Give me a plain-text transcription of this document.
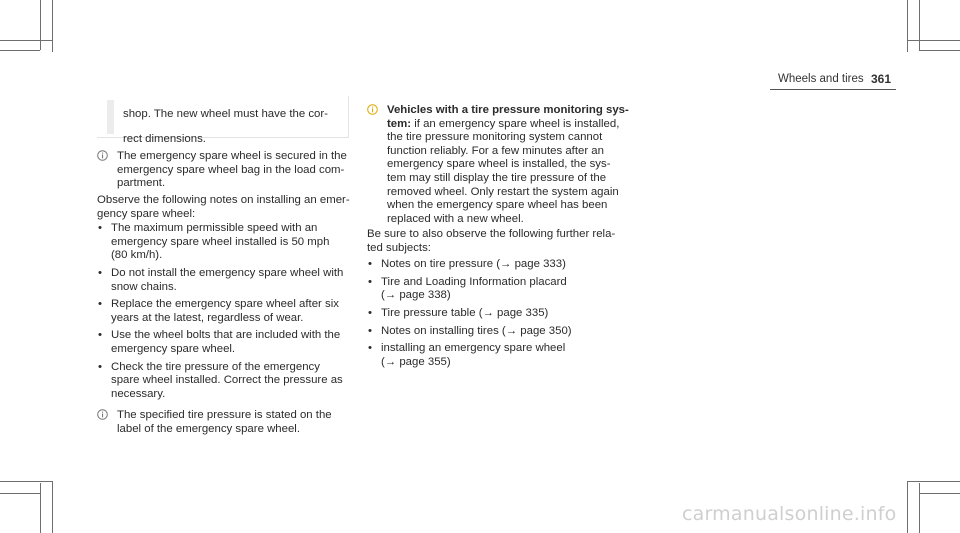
Wheels and tires 361

shop. The new wheel must have the cor-

rect dimensions.

The emergency spare wheel is secured in the

emergency spare wheel bag in the load com-

partment.

Observe the following notes on installing an emer-

gency spare wheel:

• The maximum permissible speed with an

emergency spare wheel installed is 50 mph

(80 km/h).

• Do not install the emergency spare wheel with

snow chains.

• Replace the emergency spare wheel after six

years at the latest, regardless of wear.

• Use the wheel bolts that are included with the

emergency spare wheel.

• Check the tire pressure of the emergency

spare wheel installed. Correct the pressure as

necessary.

The specified tire pressure is stated on the

label of the emergency spare wheel.

Vehicles with a tire pressure monitoring sys-

tem: if an emergency spare wheel is installed,

the tire pressure monitoring system cannot

function reliably. For a few minutes after an

emergency spare wheel is installed, the sys-

tem may still display the tire pressure of the

removed wheel. Only restart the system again

when the emergency spare wheel has been

replaced with a new wheel.

Be sure to also observe the following further rela-

ted subjects:

• Notes on tire pressure (→ page 333)

• Tire and Loading Information placard

(→ page 338)

• Tire pressure table (→ page 335)

• Notes on installing tires (→ page 350)

• installing an emergency spare wheel

(→ page 355)

carmanualsonline.info
